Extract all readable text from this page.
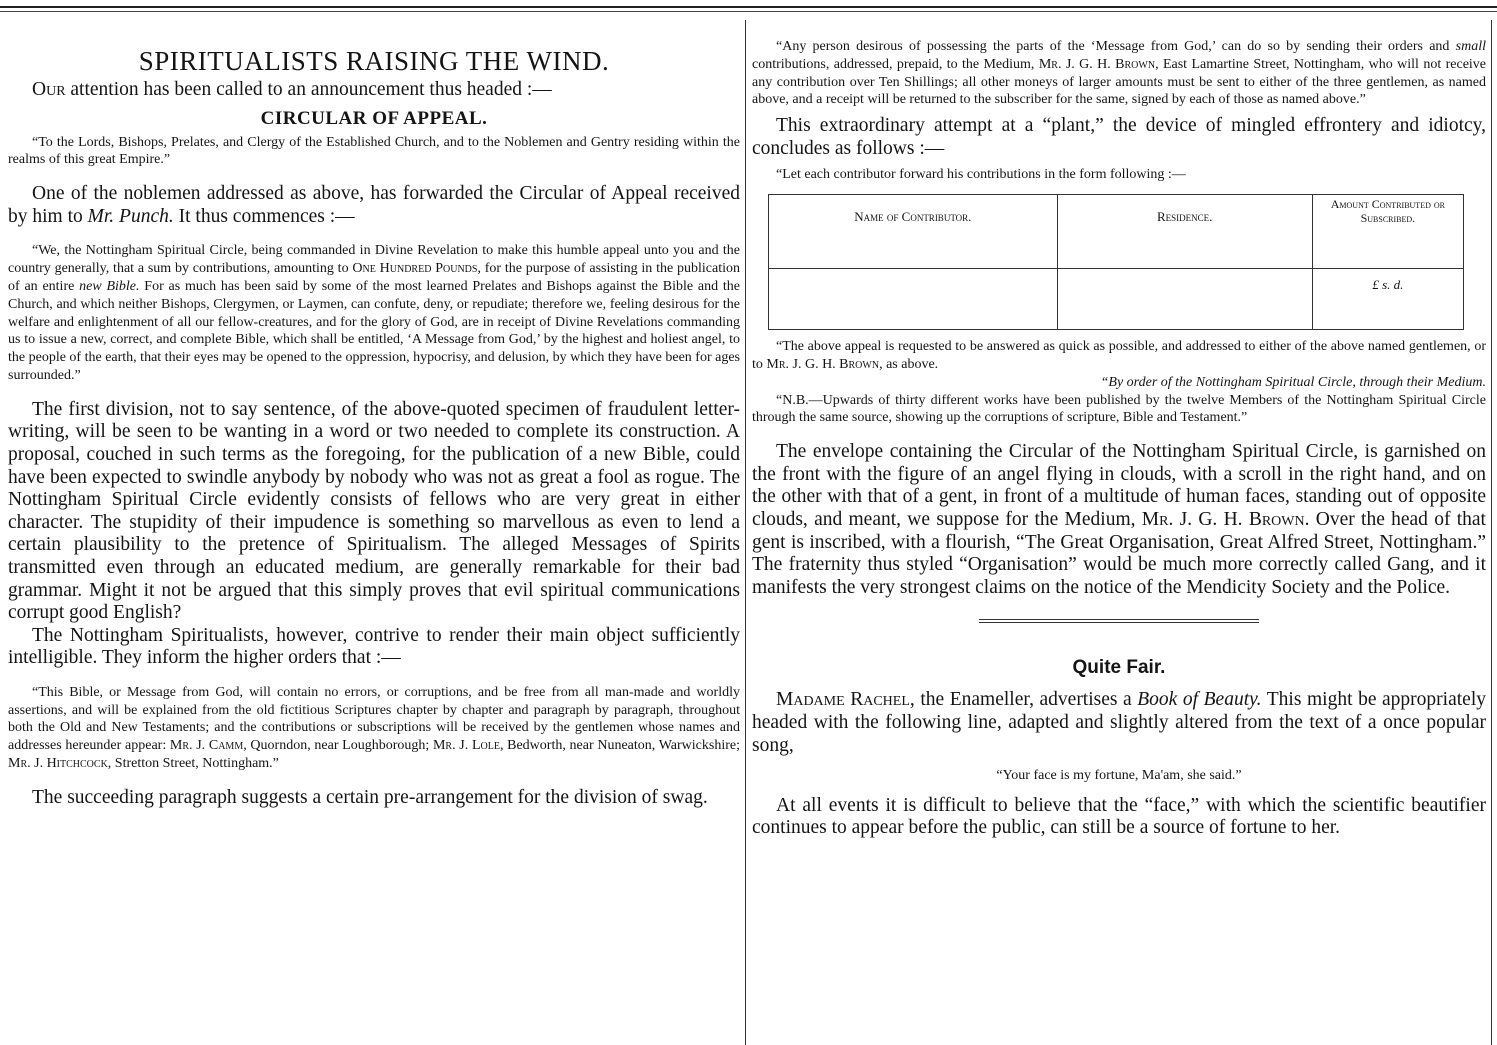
SPIRITUALISTS RAISING THE WIND.

Our attention has been called to an announcement thus headed :—

CIRCULAR OF APPEAL.

“To the Lords, Bishops, Prelates, and Clergy of the Established Church, and to the Noblemen and Gentry residing within the realms of this great Empire.”

One of the noblemen addressed as above, has forwarded the Circular of Appeal received by him to Mr. Punch. It thus commences :—

“We, the Nottingham Spiritual Circle, being commanded in Divine Revelation to make this humble appeal unto you and the country generally, that a sum by contributions, amounting to One Hundred Pounds, for the purpose of assisting in the publication of an entire new Bible. For as much has been said by some of the most learned Prelates and Bishops against the Bible and the Church, and which neither Bishops, Clergymen, or Laymen, can confute, deny, or repudiate; therefore we, feeling desirous for the welfare and enlightenment of all our fellow-creatures, and for the glory of God, are in receipt of Divine Revelations commanding us to issue a new, correct, and complete Bible, which shall be entitled, ‘A Message from God,’ by the highest and holiest angel, to the people of the earth, that their eyes may be opened to the oppression, hypocrisy, and delusion, by which they have been for ages surrounded.”

The first division, not to say sentence, of the above-quoted specimen of fraudulent letter-writing, will be seen to be wanting in a word or two needed to complete its construction. A proposal, couched in such terms as the foregoing, for the publication of a new Bible, could have been expected to swindle anybody by nobody who was not as great a fool as rogue. The Nottingham Spiritual Circle evidently consists of fellows who are very great in either character. The stupidity of their impudence is something so marvellous as even to lend a certain plausibility to the pretence of Spiritualism. The alleged Messages of Spirits transmitted even through an educated medium, are generally remarkable for their bad grammar. Might it not be argued that this simply proves that evil spiritual communications corrupt good English?

The Nottingham Spiritualists, however, contrive to render their main object sufficiently intelligible. They inform the higher orders that :—

“This Bible, or Message from God, will contain no errors, or corruptions, and be free from all man-made and worldly assertions, and will be explained from the old fictitious Scriptures chapter by chapter and paragraph by paragraph, throughout both the Old and New Testaments; and the contributions or subscriptions will be received by the gentlemen whose names and addresses hereunder appear: Mr. J. Camm, Quorndon, near Loughborough; Mr. J. Lole, Bedworth, near Nuneaton, Warwickshire; Mr. J. Hitchcock, Stretton Street, Nottingham.”

The succeeding paragraph suggests a certain pre-arrangement for the division of swag.

“Any person desirous of possessing the parts of the ‘Message from God,’ can do so by sending their orders and small contributions, addressed, prepaid, to the Medium, Mr. J. G. H. Brown, East Lamartine Street, Nottingham, who will not receive any contribution over Ten Shillings; all other moneys of larger amounts must be sent to either of the three gentlemen, as named above, and a receipt will be returned to the subscriber for the same, signed by each of those as named above.”

This extraordinary attempt at a “plant,” the device of mingled effrontery and idiotcy, concludes as follows :—

“Let each contributor forward his contributions in the form following :—

Name of Contributor.	Residence.	Amount Contributed or Subscribed.
		£ s. d.

“The above appeal is requested to be answered as quick as possible, and addressed to either of the above named gentlemen, or to Mr. J. G. H. Brown, as above.

“By order of the Nottingham Spiritual Circle, through their Medium.

“N.B.—Upwards of thirty different works have been published by the twelve Members of the Nottingham Spiritual Circle through the same source, showing up the corruptions of scripture, Bible and Testament.”

The envelope containing the Circular of the Nottingham Spiritual Circle, is garnished on the front with the figure of an angel flying in clouds, with a scroll in the right hand, and on the other with that of a gent, in front of a multitude of human faces, standing out of opposite clouds, and meant, we suppose for the Medium, Mr. J. G. H. Brown. Over the head of that gent is inscribed, with a flourish, “The Great Organisation, Great Alfred Street, Nottingham.” The fraternity thus styled “Organisation” would be much more correctly called Gang, and it manifests the very strongest claims on the notice of the Mendicity Society and the Police.

Quite Fair.

Madame Rachel, the Enameller, advertises a Book of Beauty. This might be appropriately headed with the following line, adapted and slightly altered from the text of a once popular song,

“Your face is my fortune, Ma'am, she said.”

At all events it is difficult to believe that the “face,” with which the scientific beautifier continues to appear before the public, can still be a source of fortune to her.
